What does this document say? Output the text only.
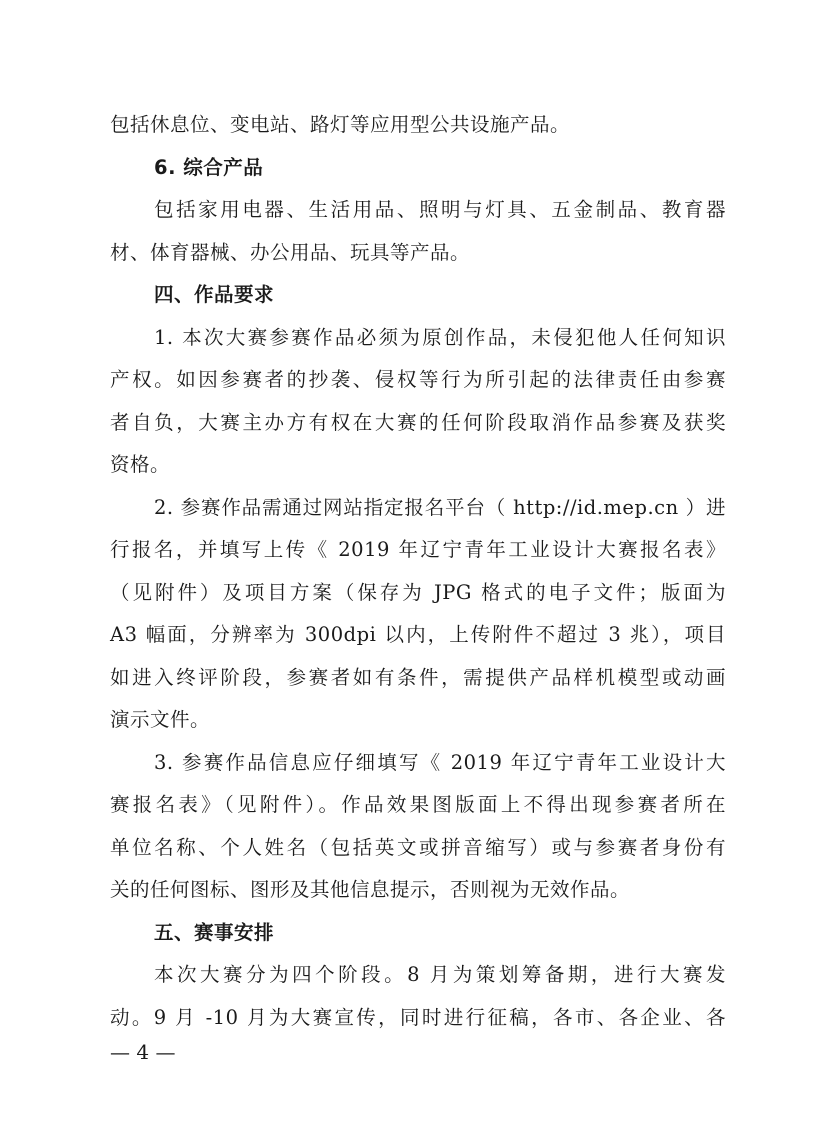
包括休息位、变电站、路灯等应用型公共设施产品。

6. 综合产品

包括家用电器、生活用品、照明与灯具、五金制品、教育器

材、体育器械、办公用品、玩具等产品。

四、作品要求

1. 本次大赛参赛作品必须为原创作品，未侵犯他人任何知识

产权。如因参赛者的抄袭、侵权等行为所引起的法律责任由参赛

者自负，大赛主办方有权在大赛的任何阶段取消作品参赛及获奖

资格。

2. 参赛作品需通过网站指定报名平台（ http://id.mep.cn ）进

行报名，并填写上传《 2019 年辽宁青年工业设计大赛报名表》

（见附件）及项目方案（保存为 JPG 格式的电子文件；版面为

A3 幅面，分辨率为 300dpi 以内，上传附件不超过 3 兆），项目

如进入终评阶段，参赛者如有条件，需提供产品样机模型或动画

演示文件。

3. 参赛作品信息应仔细填写《 2019 年辽宁青年工业设计大

赛报名表》（见附件）。作品效果图版面上不得出现参赛者所在

单位名称、个人姓名（包括英文或拼音缩写）或与参赛者身份有

关的任何图标、图形及其他信息提示，否则视为无效作品。

五、赛事安排

本次大赛分为四个阶段。8 月为策划筹备期，进行大赛发

动。9 月 -10 月为大赛宣传，同时进行征稿，各市、各企业、各

— 4 —
